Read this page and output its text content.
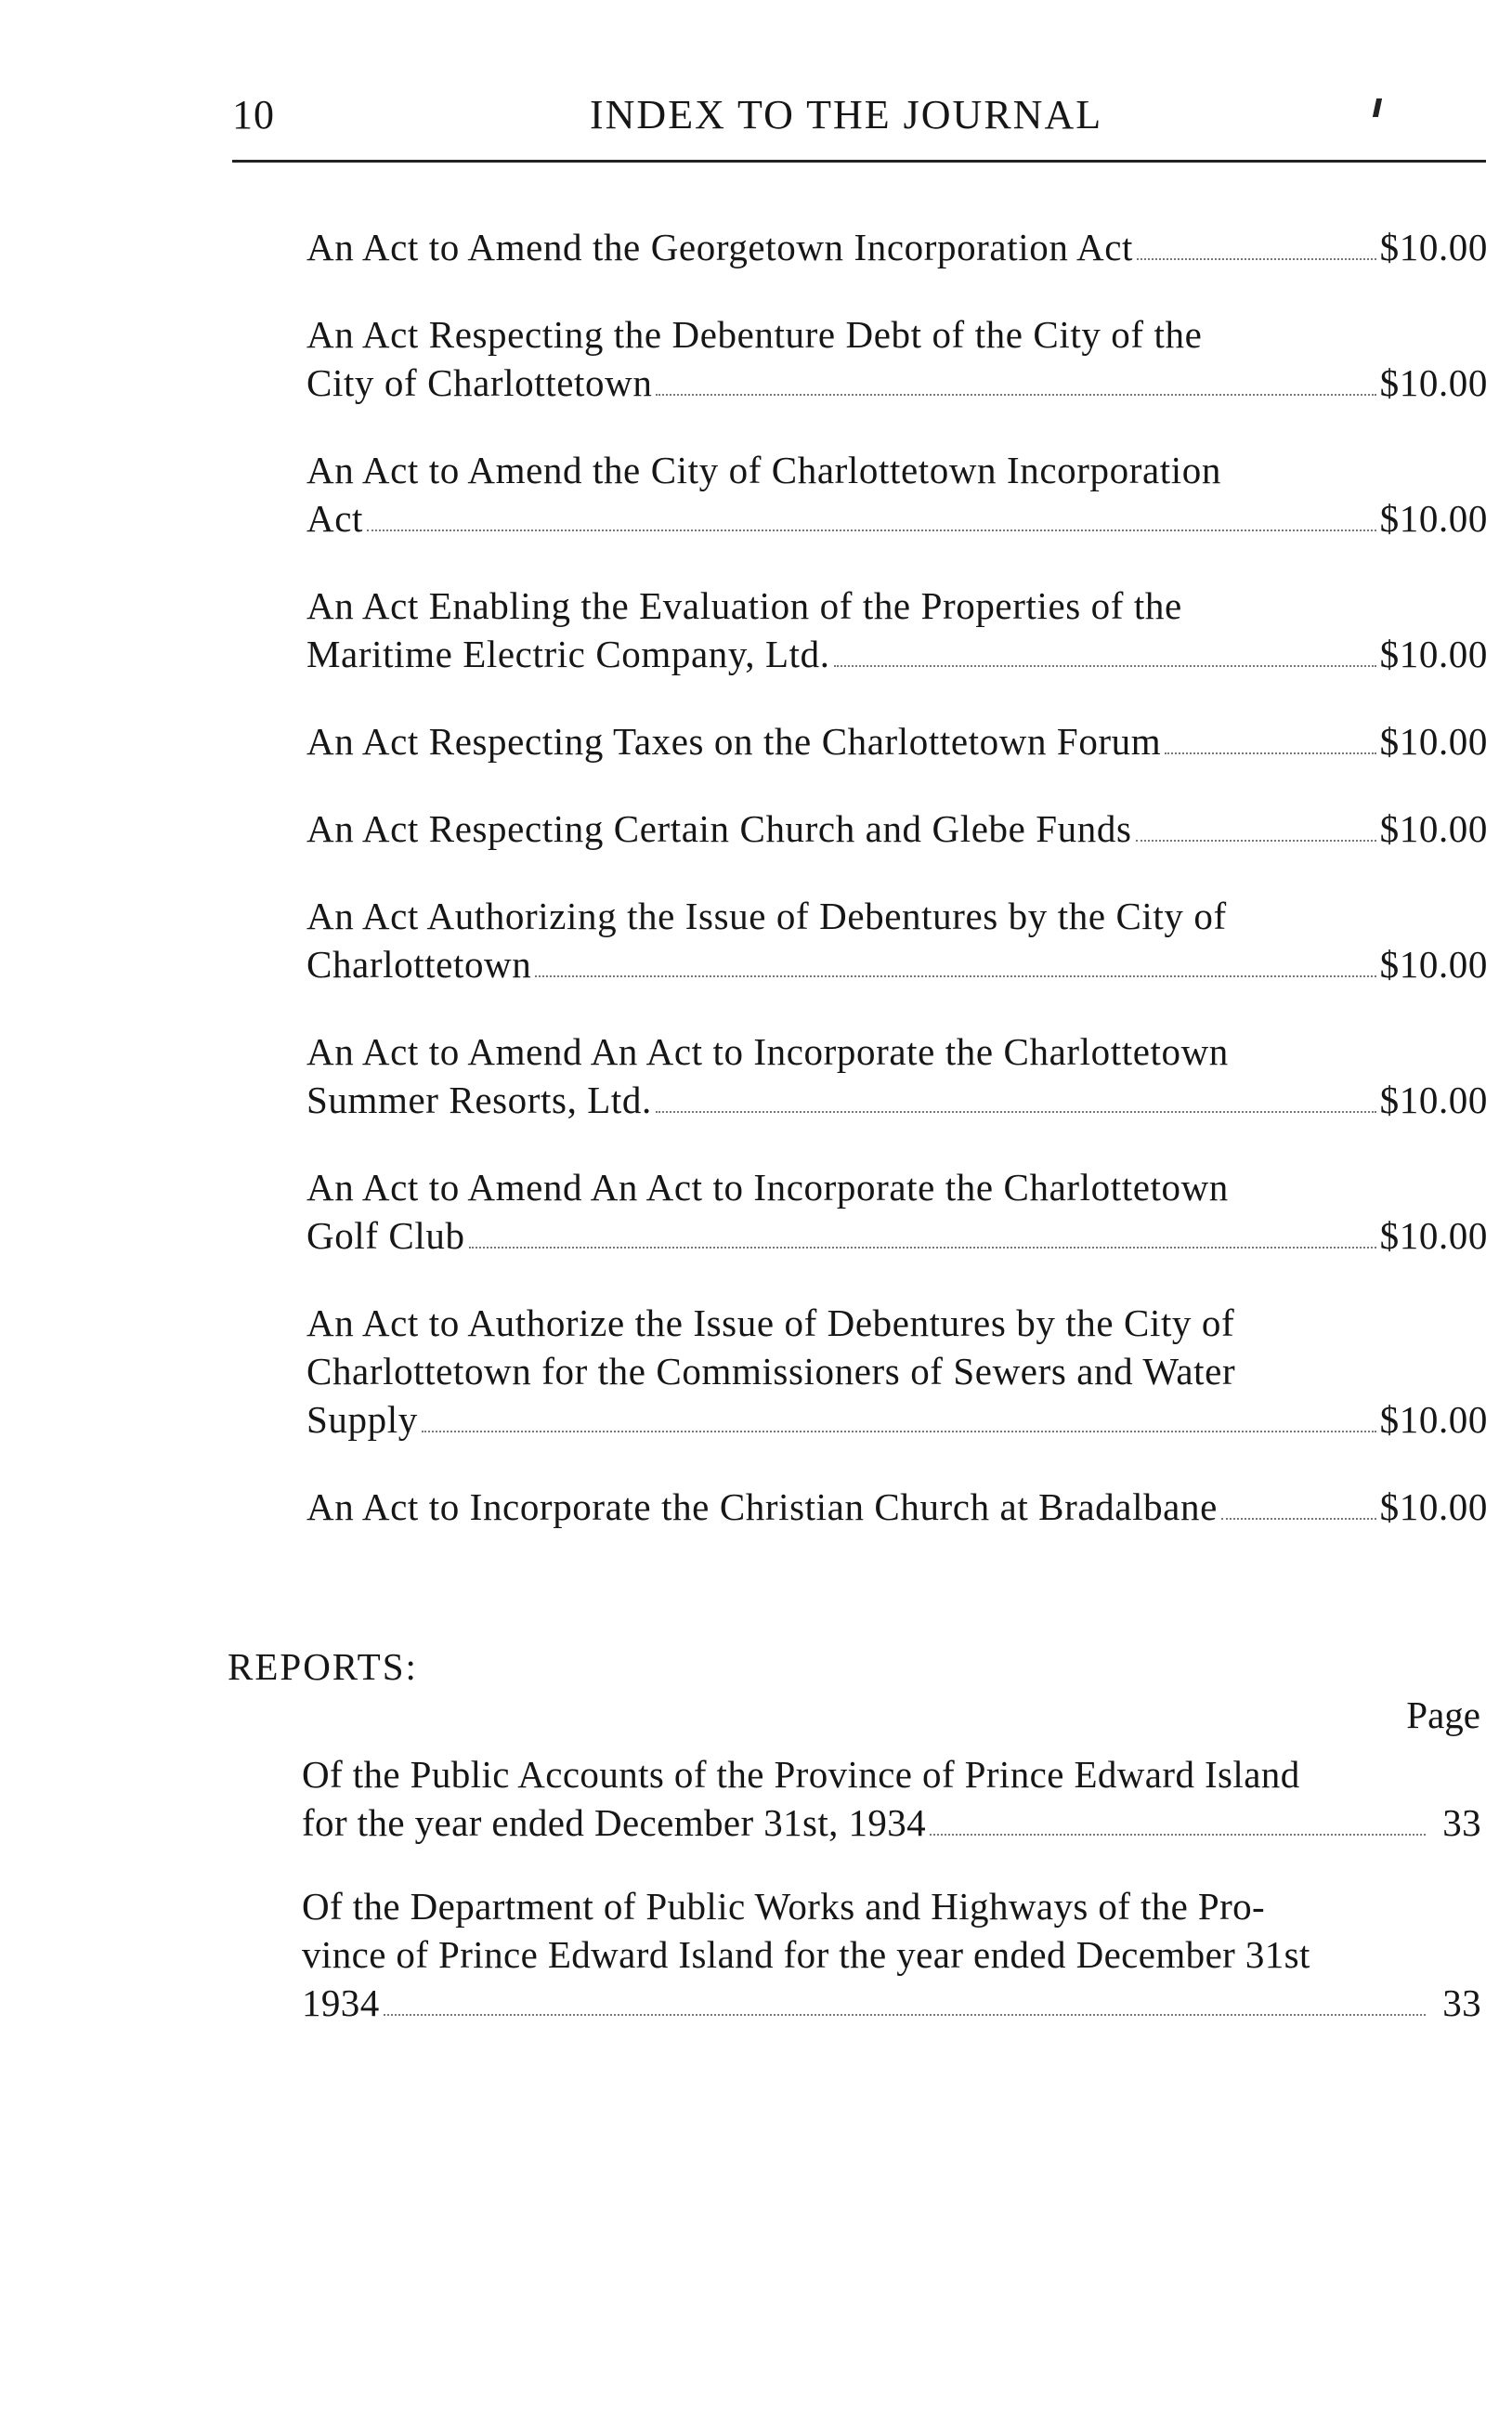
10	INDEX TO THE JOURNAL
An Act to Amend the Georgetown Incorporation Act	$10.00
An Act Respecting the Debenture Debt of the City of the
City of Charlottetown	$10.00
An Act to Amend the City of Charlottetown Incorporation
Act	$10.00
An Act Enabling the Evaluation of the Properties of the
Maritime Electric Company, Ltd.	$10.00
An Act Respecting Taxes on the Charlottetown Forum	$10.00
An Act Respecting Certain Church and Glebe Funds	$10.00
An Act Authorizing the Issue of Debentures by the City of
Charlottetown	$10.00
An Act to Amend An Act to Incorporate the Charlottetown
Summer Resorts, Ltd.	$10.00
An Act to Amend An Act to Incorporate the Charlottetown
Golf Club	$10.00
An Act to Authorize the Issue of Debentures by the City of
Charlottetown for the Commissioners of Sewers and Water
Supply	$10.00
An Act to Incorporate the Christian Church at Bradalbane	$10.00
REPORTS:
Page
Of the Public Accounts of the Province of Prince Edward Island
for the year ended December 31st, 1934	33
Of the Department of Public Works and Highways of the Pro-
vince of Prince Edward Island for the year ended December 31st
1934	33
